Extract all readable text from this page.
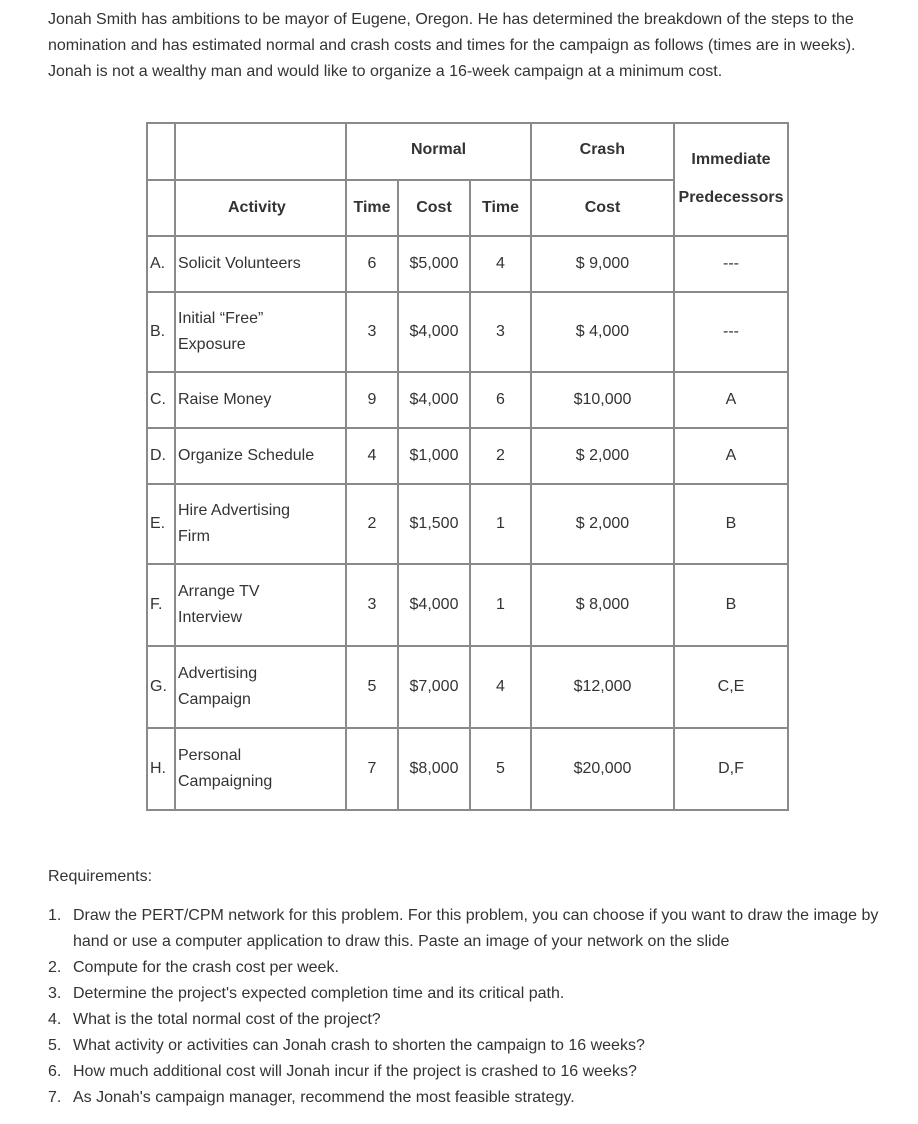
Jonah Smith has ambitions to be mayor of Eugene, Oregon. He has determined the breakdown of the steps to the nomination and has estimated normal and crash costs and times for the campaign as follows (times are in weeks). Jonah is not a wealthy man and would like to organize a 16-week campaign at a minimum cost.

		Normal			Crash	Immediate
Predecessors

	Activity	Time	Cost	Time	Cost	
A.	Solicit Volunteers	6	$5,000	4	$ 9,000	---
B.	Initial “Free” Exposure	3	$4,000	3	$ 4,000	---
C.	Raise Money	9	$4,000	6	$10,000	A
D.	Organize Schedule	4	$1,000	2	$ 2,000	A
E.	Hire Advertising Firm	2	$1,500	1	$ 2,000	B
F.	Arrange TV Interview	3	$4,000	1	$ 8,000	B
G.	Advertising Campaign	5	$7,000	4	$12,000	C,E
H.	Personal Campaigning	7	$8,000	5	$20,000	D,F

Requirements:

1. Draw the PERT/CPM network for this problem. For this problem, you can choose if you want to draw the image by hand or use a computer application to draw this. Paste an image of your network on the slide
2. Compute for the crash cost per week.
3. Determine the project's expected completion time and its critical path.
4. What is the total normal cost of the project?
5. What activity or activities can Jonah crash to shorten the campaign to 16 weeks?
6. How much additional cost will Jonah incur if the project is crashed to 16 weeks?
7. As Jonah's campaign manager, recommend the most feasible strategy.
